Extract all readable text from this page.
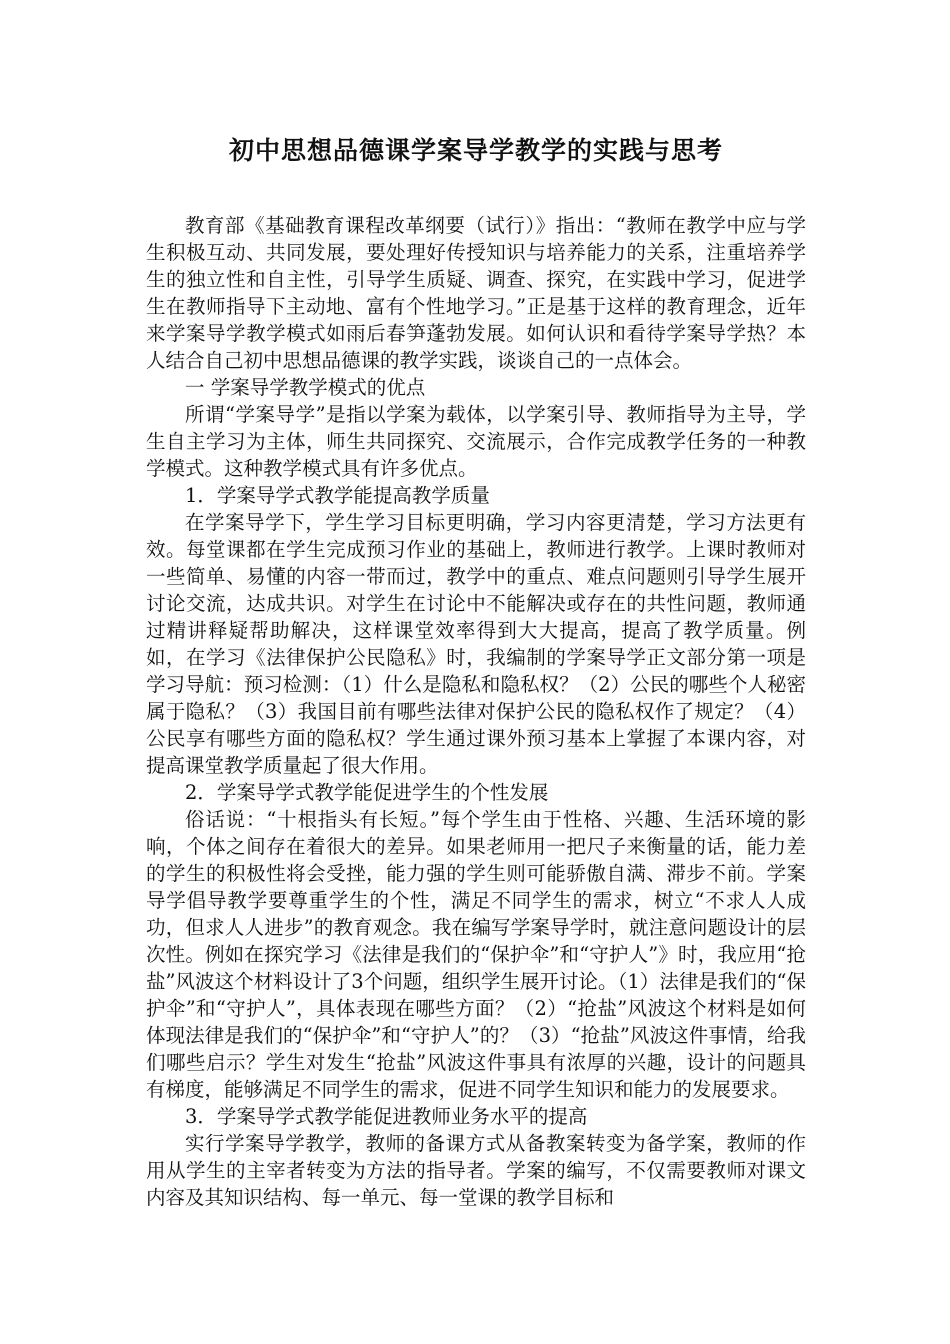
初中思想品德课学案导学教学的实践与思考

教育部《基础教育课程改革纲要（试行）》指出：“教师在教学中应与学生积极互动、共同发展，要处理好传授知识与培养能力的关系，注重培养学生的独立性和自主性，引导学生质疑、调查、探究，在实践中学习，促进学生在教师指导下主动地、富有个性地学习。”正是基于这样的教育理念，近年来学案导学教学模式如雨后春笋蓬勃发展。如何认识和看待学案导学热？本人结合自己初中思想品德课的教学实践，谈谈自己的一点体会。

一 学案导学教学模式的优点

所谓“学案导学”是指以学案为载体，以学案引导、教师指导为主导，学生自主学习为主体，师生共同探究、交流展示，合作完成教学任务的一种教学模式。这种教学模式具有许多优点。

1．学案导学式教学能提高教学质量

在学案导学下，学生学习目标更明确，学习内容更清楚，学习方法更有效。每堂课都在学生完成预习作业的基础上，教师进行教学。上课时教师对一些简单、易懂的内容一带而过，教学中的重点、难点问题则引导学生展开讨论交流，达成共识。对学生在讨论中不能解决或存在的共性问题，教师通过精讲释疑帮助解决，这样课堂效率得到大大提高，提高了教学质量。例如，在学习《法律保护公民隐私》时，我编制的学案导学正文部分第一项是学习导航：预习检测：（1）什么是隐私和隐私权？（2）公民的哪些个人秘密属于隐私？（3）我国目前有哪些法律对保护公民的隐私权作了规定？（4）公民享有哪些方面的隐私权？学生通过课外预习基本上掌握了本课内容，对提高课堂教学质量起了很大作用。

2．学案导学式教学能促进学生的个性发展

俗话说：“十根指头有长短。”每个学生由于性格、兴趣、生活环境的影响，个体之间存在着很大的差异。如果老师用一把尺子来衡量的话，能力差的学生的积极性将会受挫，能力强的学生则可能骄傲自满、滞步不前。学案导学倡导教学要尊重学生的个性，满足不同学生的需求，树立“不求人人成功，但求人人进步”的教育观念。我在编写学案导学时，就注意问题设计的层次性。例如在探究学习《法律是我们的“保护伞”和“守护人”》时，我应用“抢盐”风波这个材料设计了3个问题，组织学生展开讨论。（1）法律是我们的“保护伞”和“守护人”，具体表现在哪些方面？（2）“抢盐”风波这个材料是如何体现法律是我们的“保护伞”和“守护人”的？（3）“抢盐”风波这件事情，给我们哪些启示？学生对发生“抢盐”风波这件事具有浓厚的兴趣，设计的问题具有梯度，能够满足不同学生的需求，促进不同学生知识和能力的发展要求。

3．学案导学式教学能促进教师业务水平的提高

实行学案导学教学，教师的备课方式从备教案转变为备学案，教师的作用从学生的主宰者转变为方法的指导者。学案的编写，不仅需要教师对课文内容及其知识结构、每一单元、每一堂课的教学目标和
